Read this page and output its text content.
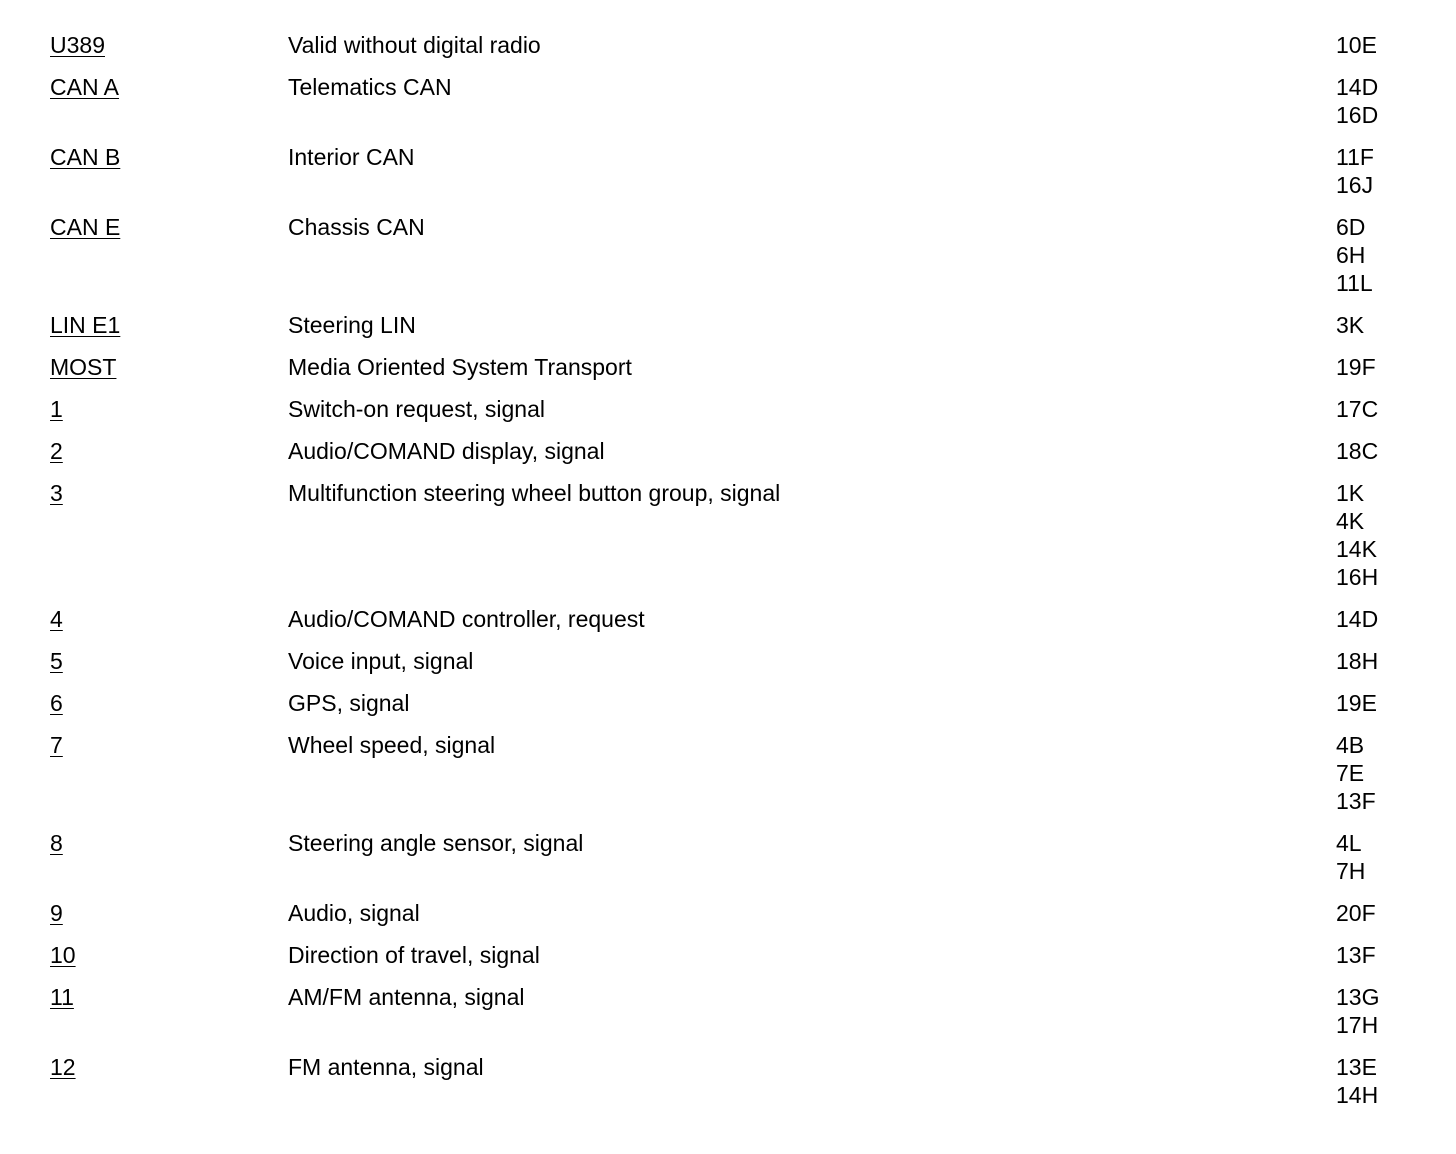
U389	Valid without digital radio	10E
CAN A	Telematics CAN	14D
16D
CAN B	Interior CAN	11F
16J
CAN E	Chassis CAN	6D
6H
11L
LIN E1	Steering LIN	3K
MOST	Media Oriented System Transport	19F
1	Switch-on request, signal	17C
2	Audio/COMAND display, signal	18C
3	Multifunction steering wheel button group, signal	1K
4K
14K
16H
4	Audio/COMAND controller, request	14D
5	Voice input, signal	18H
6	GPS, signal	19E
7	Wheel speed, signal	4B
7E
13F
8	Steering angle sensor, signal	4L
7H
9	Audio, signal	20F
10	Direction of travel, signal	13F
11	AM/FM antenna, signal	13G
17H
12	FM antenna, signal	13E
14H
